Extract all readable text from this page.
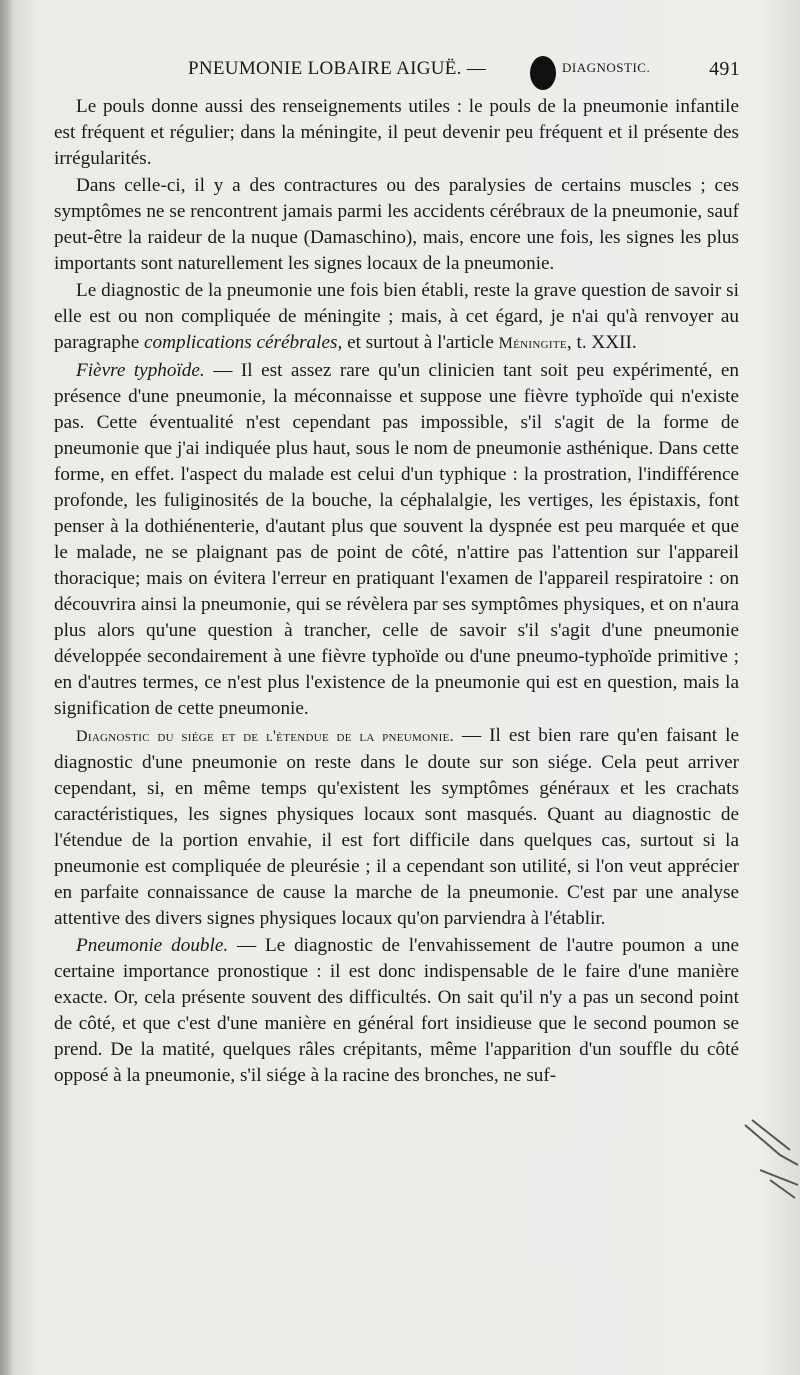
PNEUMONIE LOBAIRE AIGUË. —	DIAGNOSTIC.	491

Le pouls donne aussi des renseignements utiles : le pouls de la pneumonie infantile est fréquent et régulier; dans la méningite, il peut devenir peu fréquent et il présente des irrégularités.

Dans celle-ci, il y a des contractures ou des paralysies de certains muscles ; ces symptômes ne se rencontrent jamais parmi les accidents cérébraux de la pneumonie, sauf peut-être la raideur de la nuque (Damaschino), mais, encore une fois, les signes les plus importants sont naturellement les signes locaux de la pneumonie.

Le diagnostic de la pneumonie une fois bien établi, reste la grave question de savoir si elle est ou non compliquée de méningite ; mais, à cet égard, je n'ai qu'à renvoyer au paragraphe complications cérébrales, et surtout à l'article Méningite, t. XXII.

Fièvre typhoïde. — Il est assez rare qu'un clinicien tant soit peu expérimenté, en présence d'une pneumonie, la méconnaisse et suppose une fièvre typhoïde qui n'existe pas. Cette éventualité n'est cependant pas impossible, s'il s'agit de la forme de pneumonie que j'ai indiquée plus haut, sous le nom de pneumonie asthénique. Dans cette forme, en effet. l'aspect du malade est celui d'un typhique : la prostration, l'indifférence profonde, les fuliginosités de la bouche, la céphalalgie, les vertiges, les épistaxis, font penser à la dothiénenterie, d'autant plus que souvent la dyspnée est peu marquée et que le malade, ne se plaignant pas de point de côté, n'attire pas l'attention sur l'appareil thoracique; mais on évitera l'erreur en pratiquant l'examen de l'appareil respiratoire : on découvrira ainsi la pneumonie, qui se révèlera par ses symptômes physiques, et on n'aura plus alors qu'une question à trancher, celle de savoir s'il s'agit d'une pneumonie développée secondairement à une fièvre typhoïde ou d'une pneumo-typhoïde primitive ; en d'autres termes, ce n'est plus l'existence de la pneumonie qui est en question, mais la signification de cette pneumonie.

Diagnostic du siége et de l'étendue de la pneumonie. — Il est bien rare qu'en faisant le diagnostic d'une pneumonie on reste dans le doute sur son siége. Cela peut arriver cependant, si, en même temps qu'existent les symptômes généraux et les crachats caractéristiques, les signes physiques locaux sont masqués. Quant au diagnostic de l'étendue de la portion envahie, il est fort difficile dans quelques cas, surtout si la pneumonie est compliquée de pleurésie ; il a cependant son utilité, si l'on veut apprécier en parfaite connaissance de cause la marche de la pneumonie. C'est par une analyse attentive des divers signes physiques locaux qu'on parviendra à l'établir.

Pneumonie double. — Le diagnostic de l'envahissement de l'autre poumon a une certaine importance pronostique : il est donc indispensable de le faire d'une manière exacte. Or, cela présente souvent des difficultés. On sait qu'il n'y a pas un second point de côté, et que c'est d'une manière en général fort insidieuse que le second poumon se prend. De la matité, quelques râles crépitants, même l'apparition d'un souffle du côté opposé à la pneumonie, s'il siége à la racine des bronches, ne suf-
